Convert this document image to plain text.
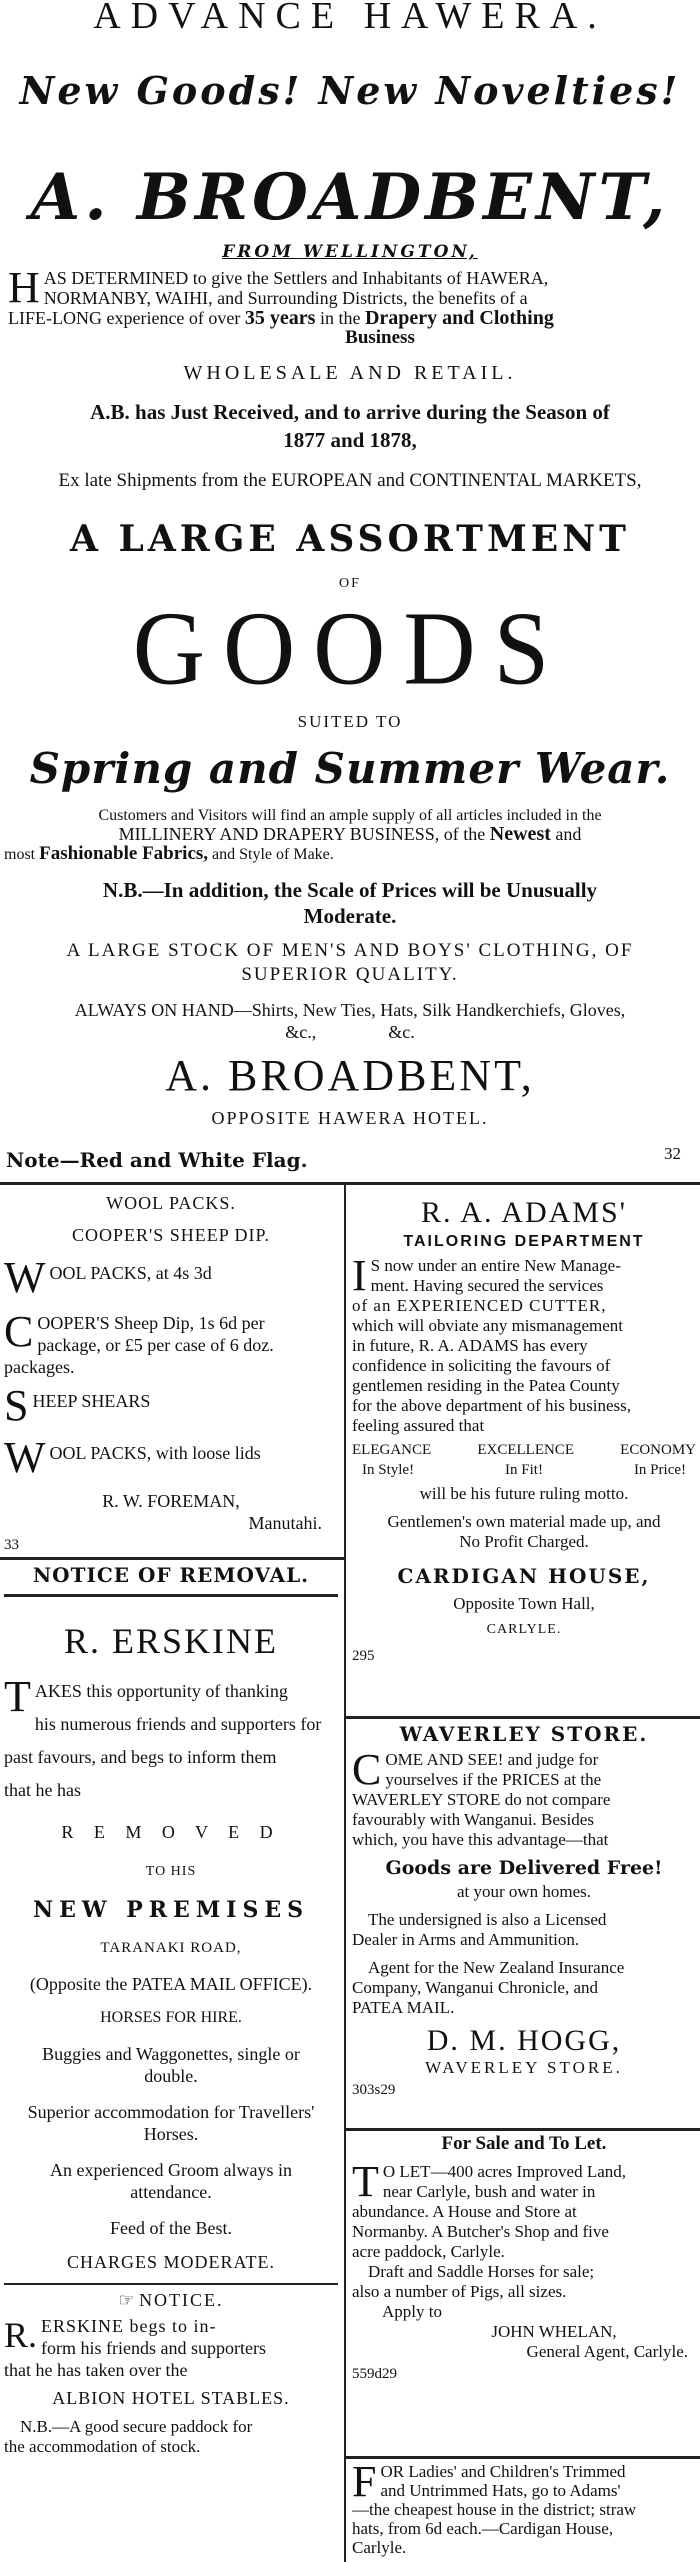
ADVANCE HAWERA.
New Goods! New Novelties!
A. BROADBENT,
FROM WELLINGTON,
H AS DETERMINED to give the Settlers and Inhabitants of HAWERA,
NORMANBY, WAIHI, and Surrounding Districts, the benefits of a
LIFE-LONG experience of over 35 years in the Drapery and Clothing
Business
WHOLESALE AND RETAIL.
A.B. has Just Received, and to arrive during the Season of
1877 and 1878,
Ex late Shipments from the EUROPEAN and CONTINENTAL MARKETS,
A LARGE ASSORTMENT
OF
GOODS
SUITED TO
Spring and Summer Wear.
Customers and Visitors will find an ample supply of all articles included in the
MILLINERY AND DRAPERY BUSINESS, of the Newest and
most Fashionable Fabrics, and Style of Make.
N.B.—In addition, the Scale of Prices will be Unusually
Moderate.
A LARGE STOCK OF MEN'S AND BOYS' CLOTHING, OF
SUPERIOR QUALITY.
ALWAYS ON HAND—Shirts, New Ties, Hats, Silk Handkerchiefs, Gloves,
&c.,                &c.
A. BROADBENT,
OPPOSITE HAWERA HOTEL.
Note—Red and White Flag.	32
WOOL PACKS.
COOPER'S SHEEP DIP.
W OOL PACKS, at 4s 3d
C OOPER'S Sheep Dip, 1s 6d per
package, or £5 per case of 6 doz.
packages.
S HEEP SHEARS
W OOL PACKS, with loose lids
R. W. FOREMAN,
Manutahi.
33
NOTICE OF REMOVAL.
R. ERSKINE
T AKES this opportunity of thanking
his numerous friends and supporters for
past favours, and begs to inform them
that he has
R E M O V E D
TO HIS
NEW PREMISES
TARANAKI ROAD,
(Opposite the PATEA MAIL OFFICE).
HORSES FOR HIRE.
Buggies and Waggonettes, single or
double.
Superior accommodation for Travellers'
Horses.
An experienced Groom always in
attendance.
Feed of the Best.
CHARGES MODERATE.
☞ NOTICE.
R. ERSKINE begs to in-
form his friends and supporters
that he has taken over the
ALBION HOTEL STABLES.
N.B.—A good secure paddock for
the accommodation of stock.
R. A. ADAMS'
TAILORING DEPARTMENT
I S now under an entire New Manage-
ment. Having secured the services
of an EXPERIENCED CUTTER,
which will obviate any mismanagement
in future, R. A. ADAMS has every
confidence in soliciting the favours of
gentlemen residing in the Patea County
for the above department of his business,
feeling assured that
ELEGANCE	EXCELLENCE	ECONOMY
In Style!	In Fit!	In Price!
will be his future ruling motto.
Gentlemen's own material made up, and
No Profit Charged.
CARDIGAN HOUSE,
Opposite Town Hall,
CARLYLE.
295
WAVERLEY STORE.
C OME AND SEE! and judge for
yourselves if the PRICES at the
WAVERLEY STORE do not compare
favourably with Wanganui. Besides
which, you have this advantage—that
Goods are Delivered Free!
at your own homes.
The undersigned is also a Licensed
Dealer in Arms and Ammunition.
Agent for the New Zealand Insurance
Company, Wanganui Chronicle, and
PATEA MAIL.
D. M. HOGG,
WAVERLEY STORE.
303s29
For Sale and To Let.
T O LET—400 acres Improved Land,
near Carlyle, bush and water in
abundance. A House and Store at
Normanby. A Butcher's Shop and five
acre paddock, Carlyle.
Draft and Saddle Horses for sale;
also a number of Pigs, all sizes.
Apply to
JOHN WHELAN,
General Agent, Carlyle.
559d29
F OR Ladies' and Children's Trimmed
and Untrimmed Hats, go to Adams'
—the cheapest house in the district; straw
hats, from 6d each.—Cardigan House,
Carlyle.
